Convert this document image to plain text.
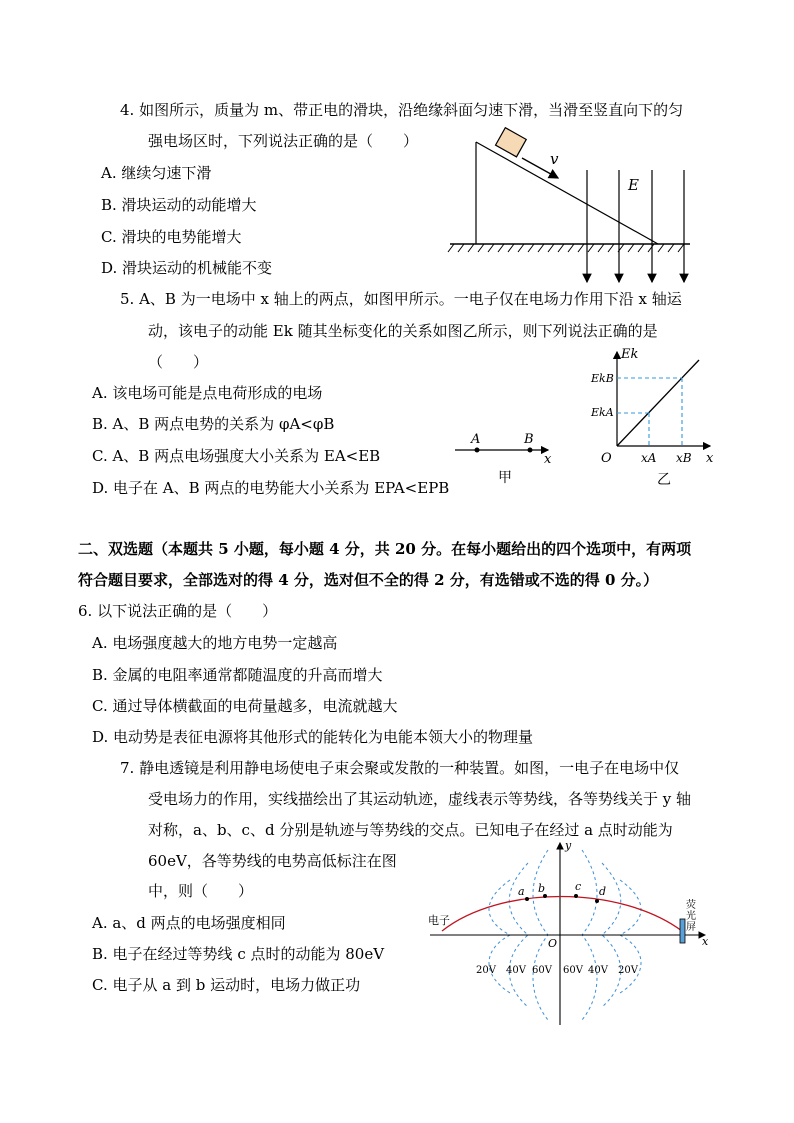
4. 如图所示，质量为 m、带正电的滑块，沿绝缘斜面匀速下滑，当滑至竖直向下的匀
强电场区时，下列说法正确的是（　　）
A. 继续匀速下滑
B. 滑块运动的动能增大
C. 滑块的电势能增大
D. 滑块运动的机械能不变
v
E
5. A、B 为一电场中 x 轴上的两点，如图甲所示。一电子仅在电场力作用下沿 x 轴运
动，该电子的动能 Ek 随其坐标变化的关系如图乙所示，则下列说法正确的是
（　　）
A. 该电场可能是点电荷形成的电场
B. A、B 两点电势的关系为 φA<φB
C. A、B 两点电场强度大小关系为 EA<EB
D. 电子在 A、B 两点的电势能大小关系为 EPA<EPB
A	B
x
甲
Ek
EkB
EkA
O xA xB x
乙
二、双选题（本题共 5 小题，每小题 4 分，共 20 分。在每小题给出的四个选项中，有两项
符合题目要求，全部选对的得 4 分，选对但不全的得 2 分，有选错或不选的得 0 分。）
6. 以下说法正确的是（　　）
A. 电场强度越大的地方电势一定越高
B. 金属的电阻率通常都随温度的升高而增大
C. 通过导体横截面的电荷量越多，电流就越大
D. 电动势是表征电源将其他形式的能转化为电能本领大小的物理量
7. 静电透镜是利用静电场使电子束会聚或发散的一种装置。如图，一电子在电场中仅
受电场力的作用，实线描绘出了其运动轨迹，虚线表示等势线，各等势线关于 y 轴
对称，a、b、c、d 分别是轨迹与等势线的交点。已知电子在经过 a 点时动能为
60eV，各等势线的电势高低标注在图
中，则（　　）
A. a、d 两点的电场强度相同
B. 电子在经过等势线 c 点时的动能为 80eV
C. 电子从 a 到 b 运动时，电场力做正功
a b	c d
电子
y
x
O
荧
光
屏
20V 40V 60V 60V 40V 20V
